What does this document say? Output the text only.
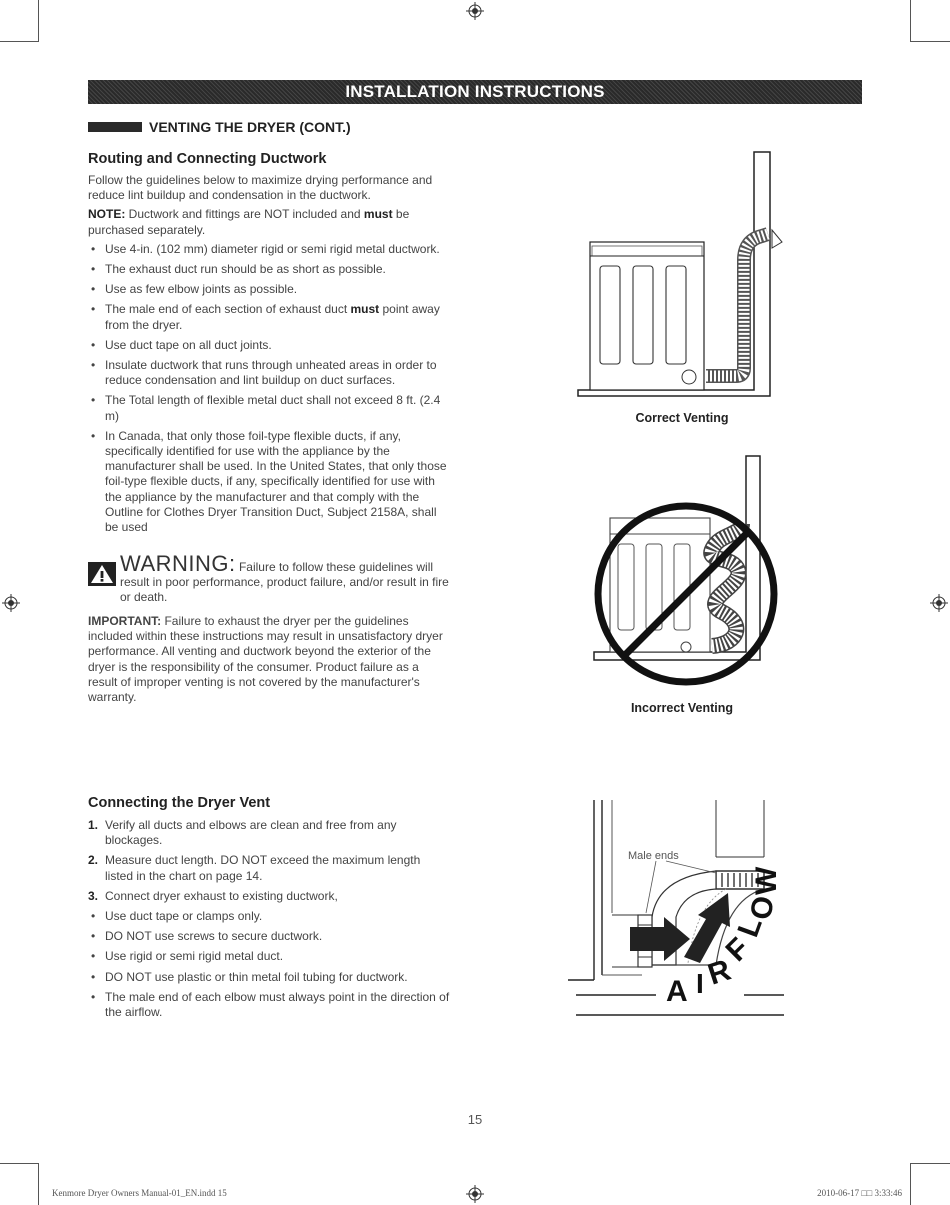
INSTALLATION INSTRUCTIONS
VENTING THE DRYER (CONT.)
Routing and Connecting Ductwork

Follow the guidelines below to maximize drying performance and reduce lint buildup and condensation in the ductwork.

NOTE: Ductwork and fittings are NOT included and must be purchased separately.

• Use 4-in. (102 mm) diameter rigid or semi rigid metal ductwork.
• The exhaust duct run should be as short as possible.
• Use as few elbow joints as possible.
• The male end of each section of exhaust duct must point away from the dryer.
• Use duct tape on all duct joints.
• Insulate ductwork that runs through unheated areas in order to reduce condensation and lint buildup on duct surfaces.
• The Total length of flexible metal duct shall not exceed 8 ft. (2.4 m)
• In Canada, that only those foil-type flexible ducts, if any, specifically identified for use with the appliance by the manufacturer shall be used. In the United States, that only those foil-type flexible ducts, if any, specifically identified for use with the appliance by the manufacturer and that comply with the Outline for Clothes Dryer Transition Duct, Subject 2158A, shall be used
WARNING: Failure to follow these guidelines will result in poor performance, product failure, and/or result in fire or death.
IMPORTANT: Failure to exhaust the dryer per the guidelines included within these instructions may result in unsatisfactory dryer performance. All venting and ductwork beyond the exterior of the dryer is the responsibility of the consumer. Product failure as a result of improper venting is not covered by the manufacturer's warranty.
Correct Venting
Incorrect Venting
Connecting the Dryer Vent
1. Verify all ducts and elbows are clean and free from any blockages.
2. Measure duct length. DO NOT exceed the maximum length listed in the chart on page 14.
3. Connect dryer exhaust to existing ductwork,
• Use duct tape or clamps only.
• DO NOT use screws to secure ductwork.
• Use rigid or semi rigid metal duct.
• DO NOT use plastic or thin metal foil tubing for ductwork.
• The male end of each elbow must always point in the direction of the airflow.
Male ends
A I R
F
L
O
W
15
Kenmore Dryer Owners Manual-01_EN.indd 15	2010-06-17 □□ 3:33:46
